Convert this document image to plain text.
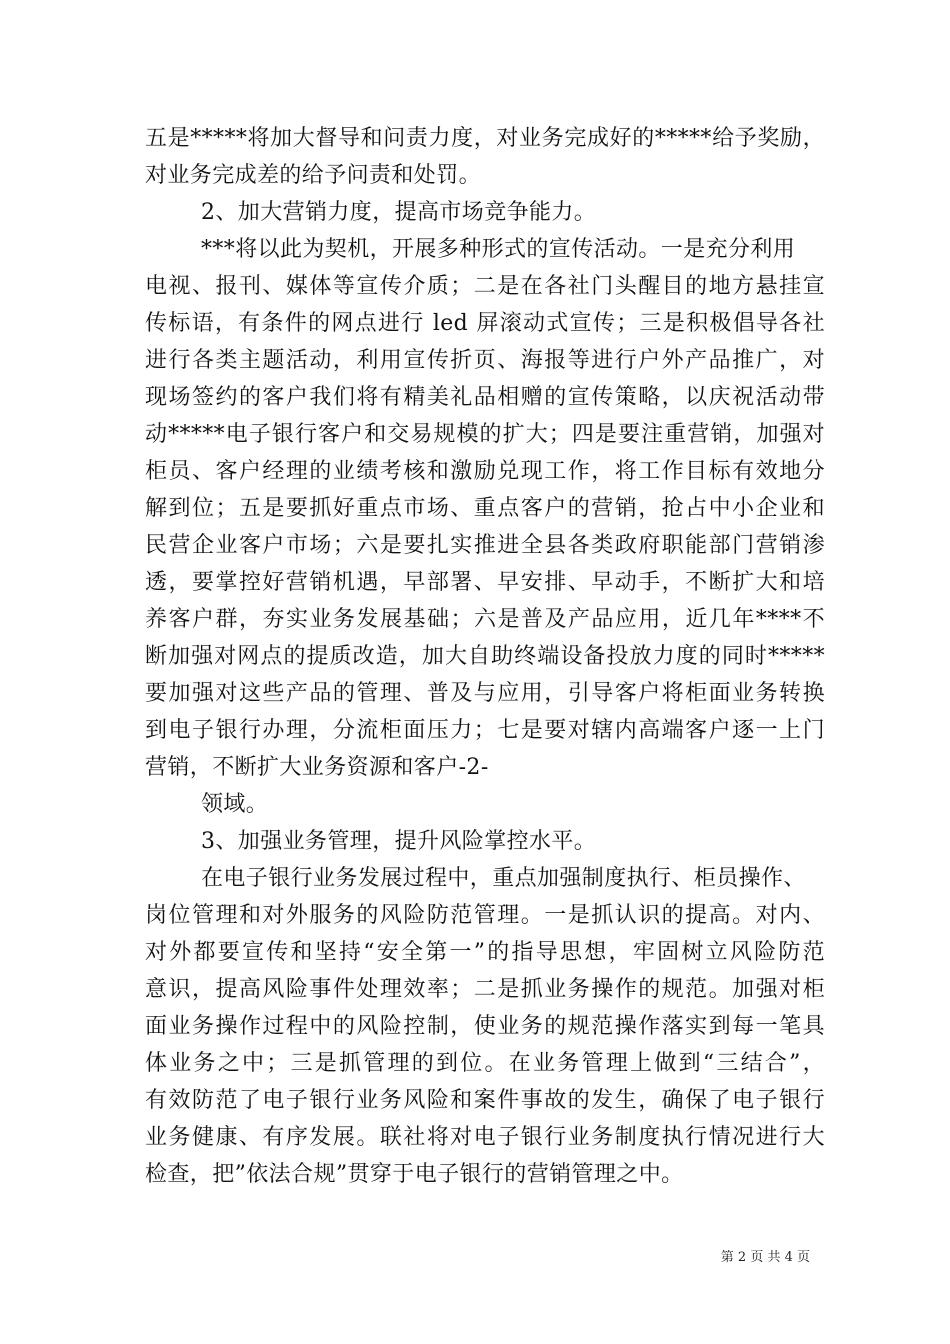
五是*****将加大督导和问责力度，对业务完成好的*****给予奖励，
对业务完成差的给予问责和处罚。
2、加大营销力度，提高市场竞争能力。
***将以此为契机，开展多种形式的宣传活动。一是充分利用
电视、报刊、媒体等宣传介质；二是在各社门头醒目的地方悬挂宣
传标语，有条件的网点进行 led 屏滚动式宣传；三是积极倡导各社
进行各类主题活动，利用宣传折页、海报等进行户外产品推广，对
现场签约的客户我们将有精美礼品相赠的宣传策略，以庆祝活动带
动*****电子银行客户和交易规模的扩大；四是要注重营销，加强对
柜员、客户经理的业绩考核和激励兑现工作，将工作目标有效地分
解到位；五是要抓好重点市场、重点客户的营销，抢占中小企业和
民营企业客户市场；六是要扎实推进全县各类政府职能部门营销渗
透，要掌控好营销机遇，早部署、早安排、早动手，不断扩大和培
养客户群，夯实业务发展基础；六是普及产品应用，近几年****不
断加强对网点的提质改造，加大自助终端设备投放力度的同时*****
要加强对这些产品的管理、普及与应用，引导客户将柜面业务转换
到电子银行办理，分流柜面压力；七是要对辖内高端客户逐一上门
营销，不断扩大业务资源和客户-2-
领域。
3、加强业务管理，提升风险掌控水平。
在电子银行业务发展过程中，重点加强制度执行、柜员操作、
岗位管理和对外服务的风险防范管理。一是抓认识的提高。对内、
对外都要宣传和坚持“安全第一”的指导思想，牢固树立风险防范
意识，提高风险事件处理效率；二是抓业务操作的规范。加强对柜
面业务操作过程中的风险控制，使业务的规范操作落实到每一笔具
体业务之中；三是抓管理的到位。在业务管理上做到“三结合”，
有效防范了电子银行业务风险和案件事故的发生，确保了电子银行
业务健康、有序发展。联社将对电子银行业务制度执行情况进行大
检查，把”依法合规”贯穿于电子银行的营销管理之中。
第 2 页 共 4 页
